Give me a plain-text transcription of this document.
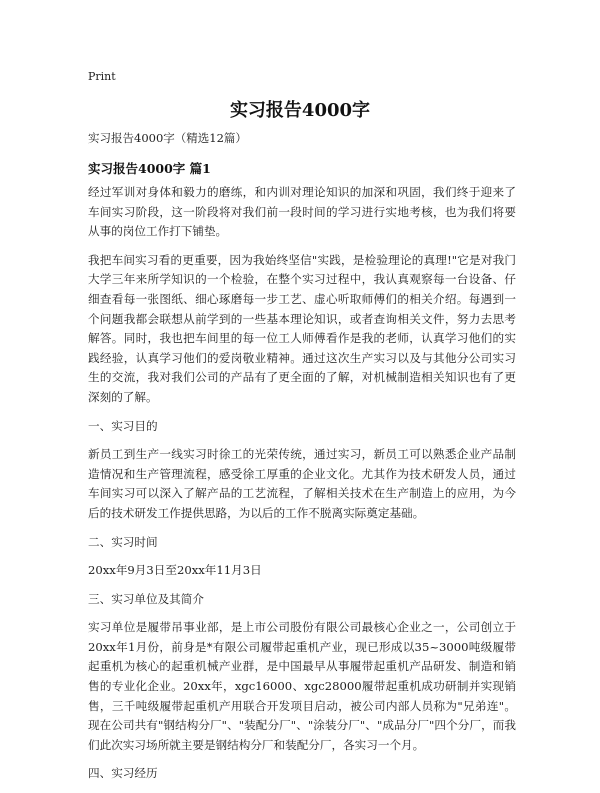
Print
实习报告4000字
实习报告4000字（精选12篇）
实习报告4000字 篇1

经过军训对身体和毅力的磨练，和内训对理论知识的加深和巩固，我们终于迎来了车间实习阶段，这一阶段将对我们前一段时间的学习进行实地考核，也为我们将要从事的岗位工作打下铺垫。

我把车间实习看的更重要，因为我始终坚信"实践，是检验理论的真理!"它是对我门大学三年来所学知识的一个检验，在整个实习过程中，我认真观察每一台设备、仔细查看每一张图纸、细心琢磨每一步工艺、虚心听取师傅们的相关介绍。每遇到一个问题我都会联想从前学到的一些基本理论知识，或者查询相关文件，努力去思考解答。同时，我也把车间里的每一位工人师傅看作是我的老师，认真学习他们的实践经验，认真学习他们的爱岗敬业精神。通过这次生产实习以及与其他分公司实习生的交流，我对我们公司的产品有了更全面的了解，对机械制造相关知识也有了更深刻的了解。

一、实习目的

新员工到生产一线实习时徐工的光荣传统，通过实习，新员工可以熟悉企业产品制造情况和生产管理流程，感受徐工厚重的企业文化。尤其作为技术研发人员，通过车间实习可以深入了解产品的工艺流程，了解相关技术在生产制造上的应用，为今后的技术研发工作提供思路，为以后的工作不脱离实际奠定基础。

二、实习时间

20xx年9月3日至20xx年11月3日

三、实习单位及其简介

实习单位是履带吊事业部，是上市公司股份有限公司最核心企业之一，公司创立于20xx年1月份，前身是*有限公司履带起重机产业，现已形成以35~3000吨级履带起重机为核心的起重机械产业群，是中国最早从事履带起重机产品研发、制造和销售的专业化企业。20xx年，xgc16000、xgc28000履带起重机成功研制并实现销售，三千吨级履带起重机产用联合开发项目启动，被公司内部人员称为"兄弟连"。现在公司共有"钢结构分厂"、"装配分厂"、"涂装分厂"、"成品分厂"四个分厂，而我们此次实习场所就主要是钢结构分厂和装配分厂，各实习一个月。

四、实习经历
